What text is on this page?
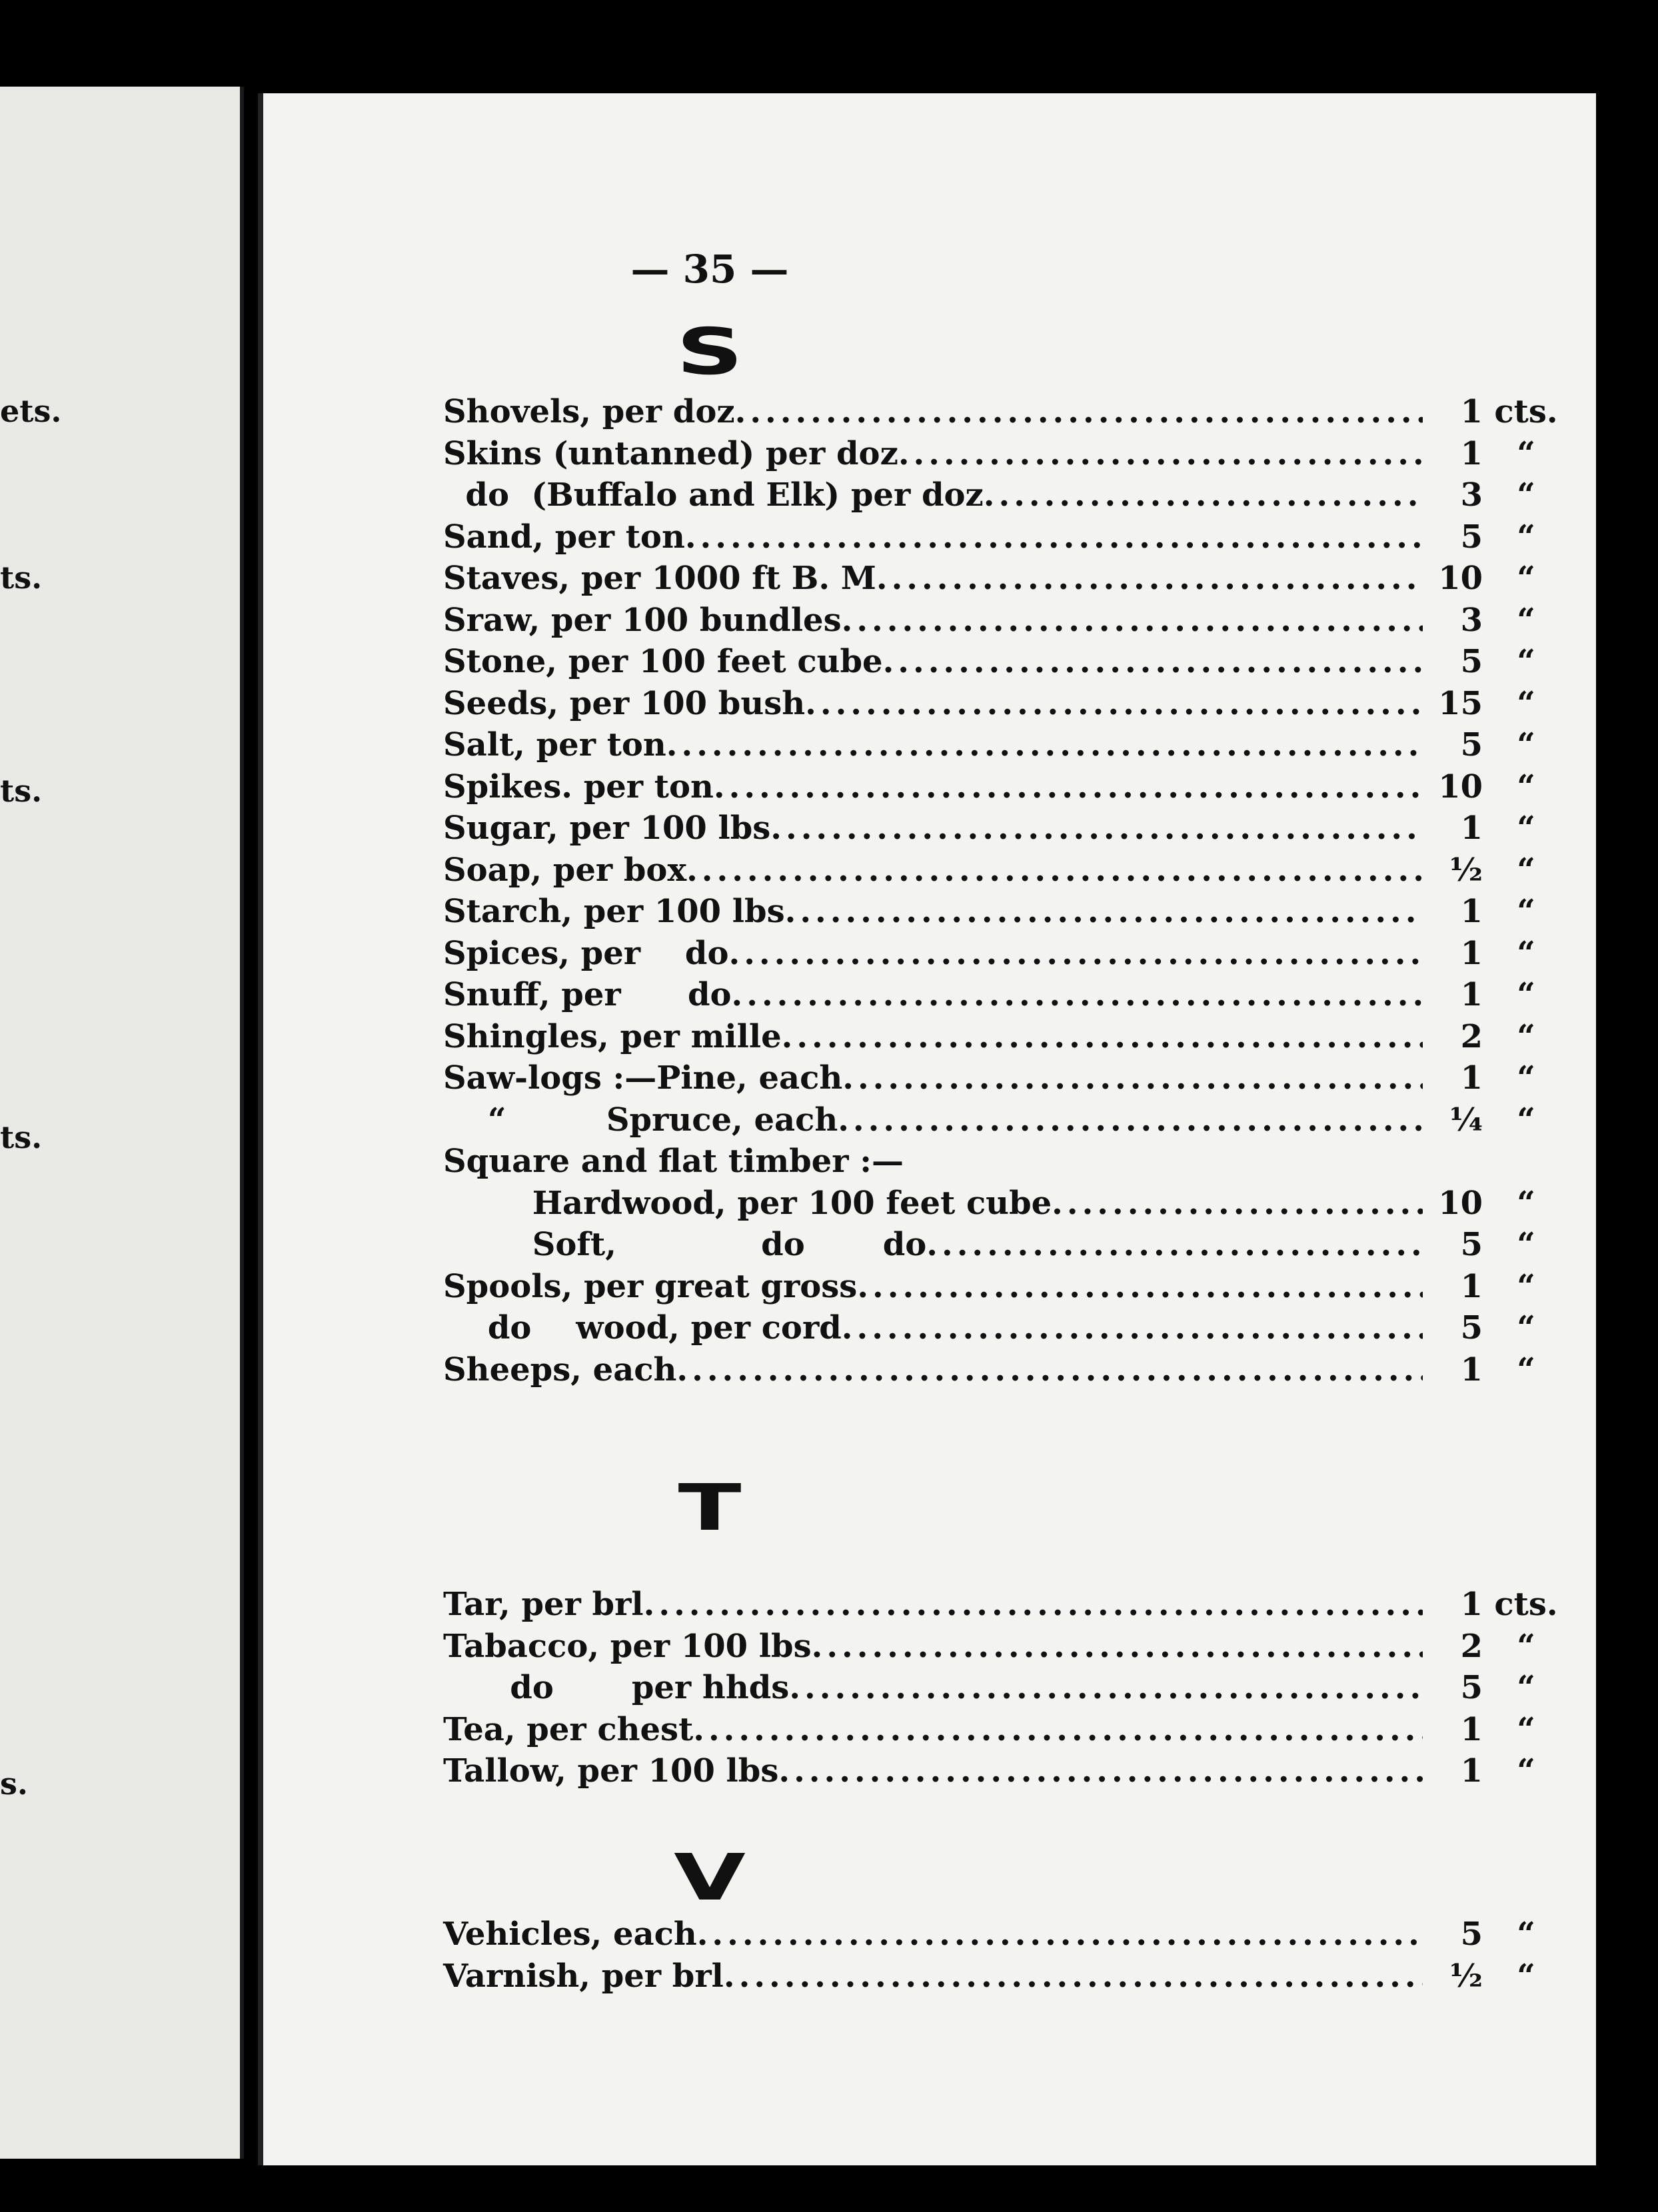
ets.
ts.
ts.
ts.
s.
— 35 —
S
Shovels, per doz .....	1 cts.
Skins (untanned) per doz .....	1	“
do  (Buffalo and Elk) per doz .....	3	“
Sand, per ton .....	5	“
Staves, per 1000 ft B. M .....	10	“
Sraw, per 100 bundles .....	3	“
Stone, per 100 feet cube .....	5	“
Seeds, per 100 bush .....	15	“
Salt, per ton .....	5	“
Spikes. per ton .....	10	“
Sugar, per 100 lbs .....	1	“
Soap, per box .....	½	“
Starch, per 100 lbs .....	1	“
Spices, per    do .....	1	“
Snuff, per      do .....	1	“
Shingles, per mille .....	2	“
Saw-logs :—Pine, each .....	1	“
“         Spruce, each .....	¼	“
Square and flat timber :—
Hardwood, per 100 feet cube .....	10	“
Soft,             do       do .....	5	“
Spools, per great gross .....	1	“
do    wood, per cord .....	5	“
Sheeps, each .....	1	“
T
Tar, per brl .....	1 cts.
Tabacco, per 100 lbs .....	2	“
do       per hhds .....	5	“
Tea, per chest .....	1	“
Tallow, per 100 lbs .....	1	“
V
Vehicles, each .....	5	“
Varnish, per brl .....	½	“
